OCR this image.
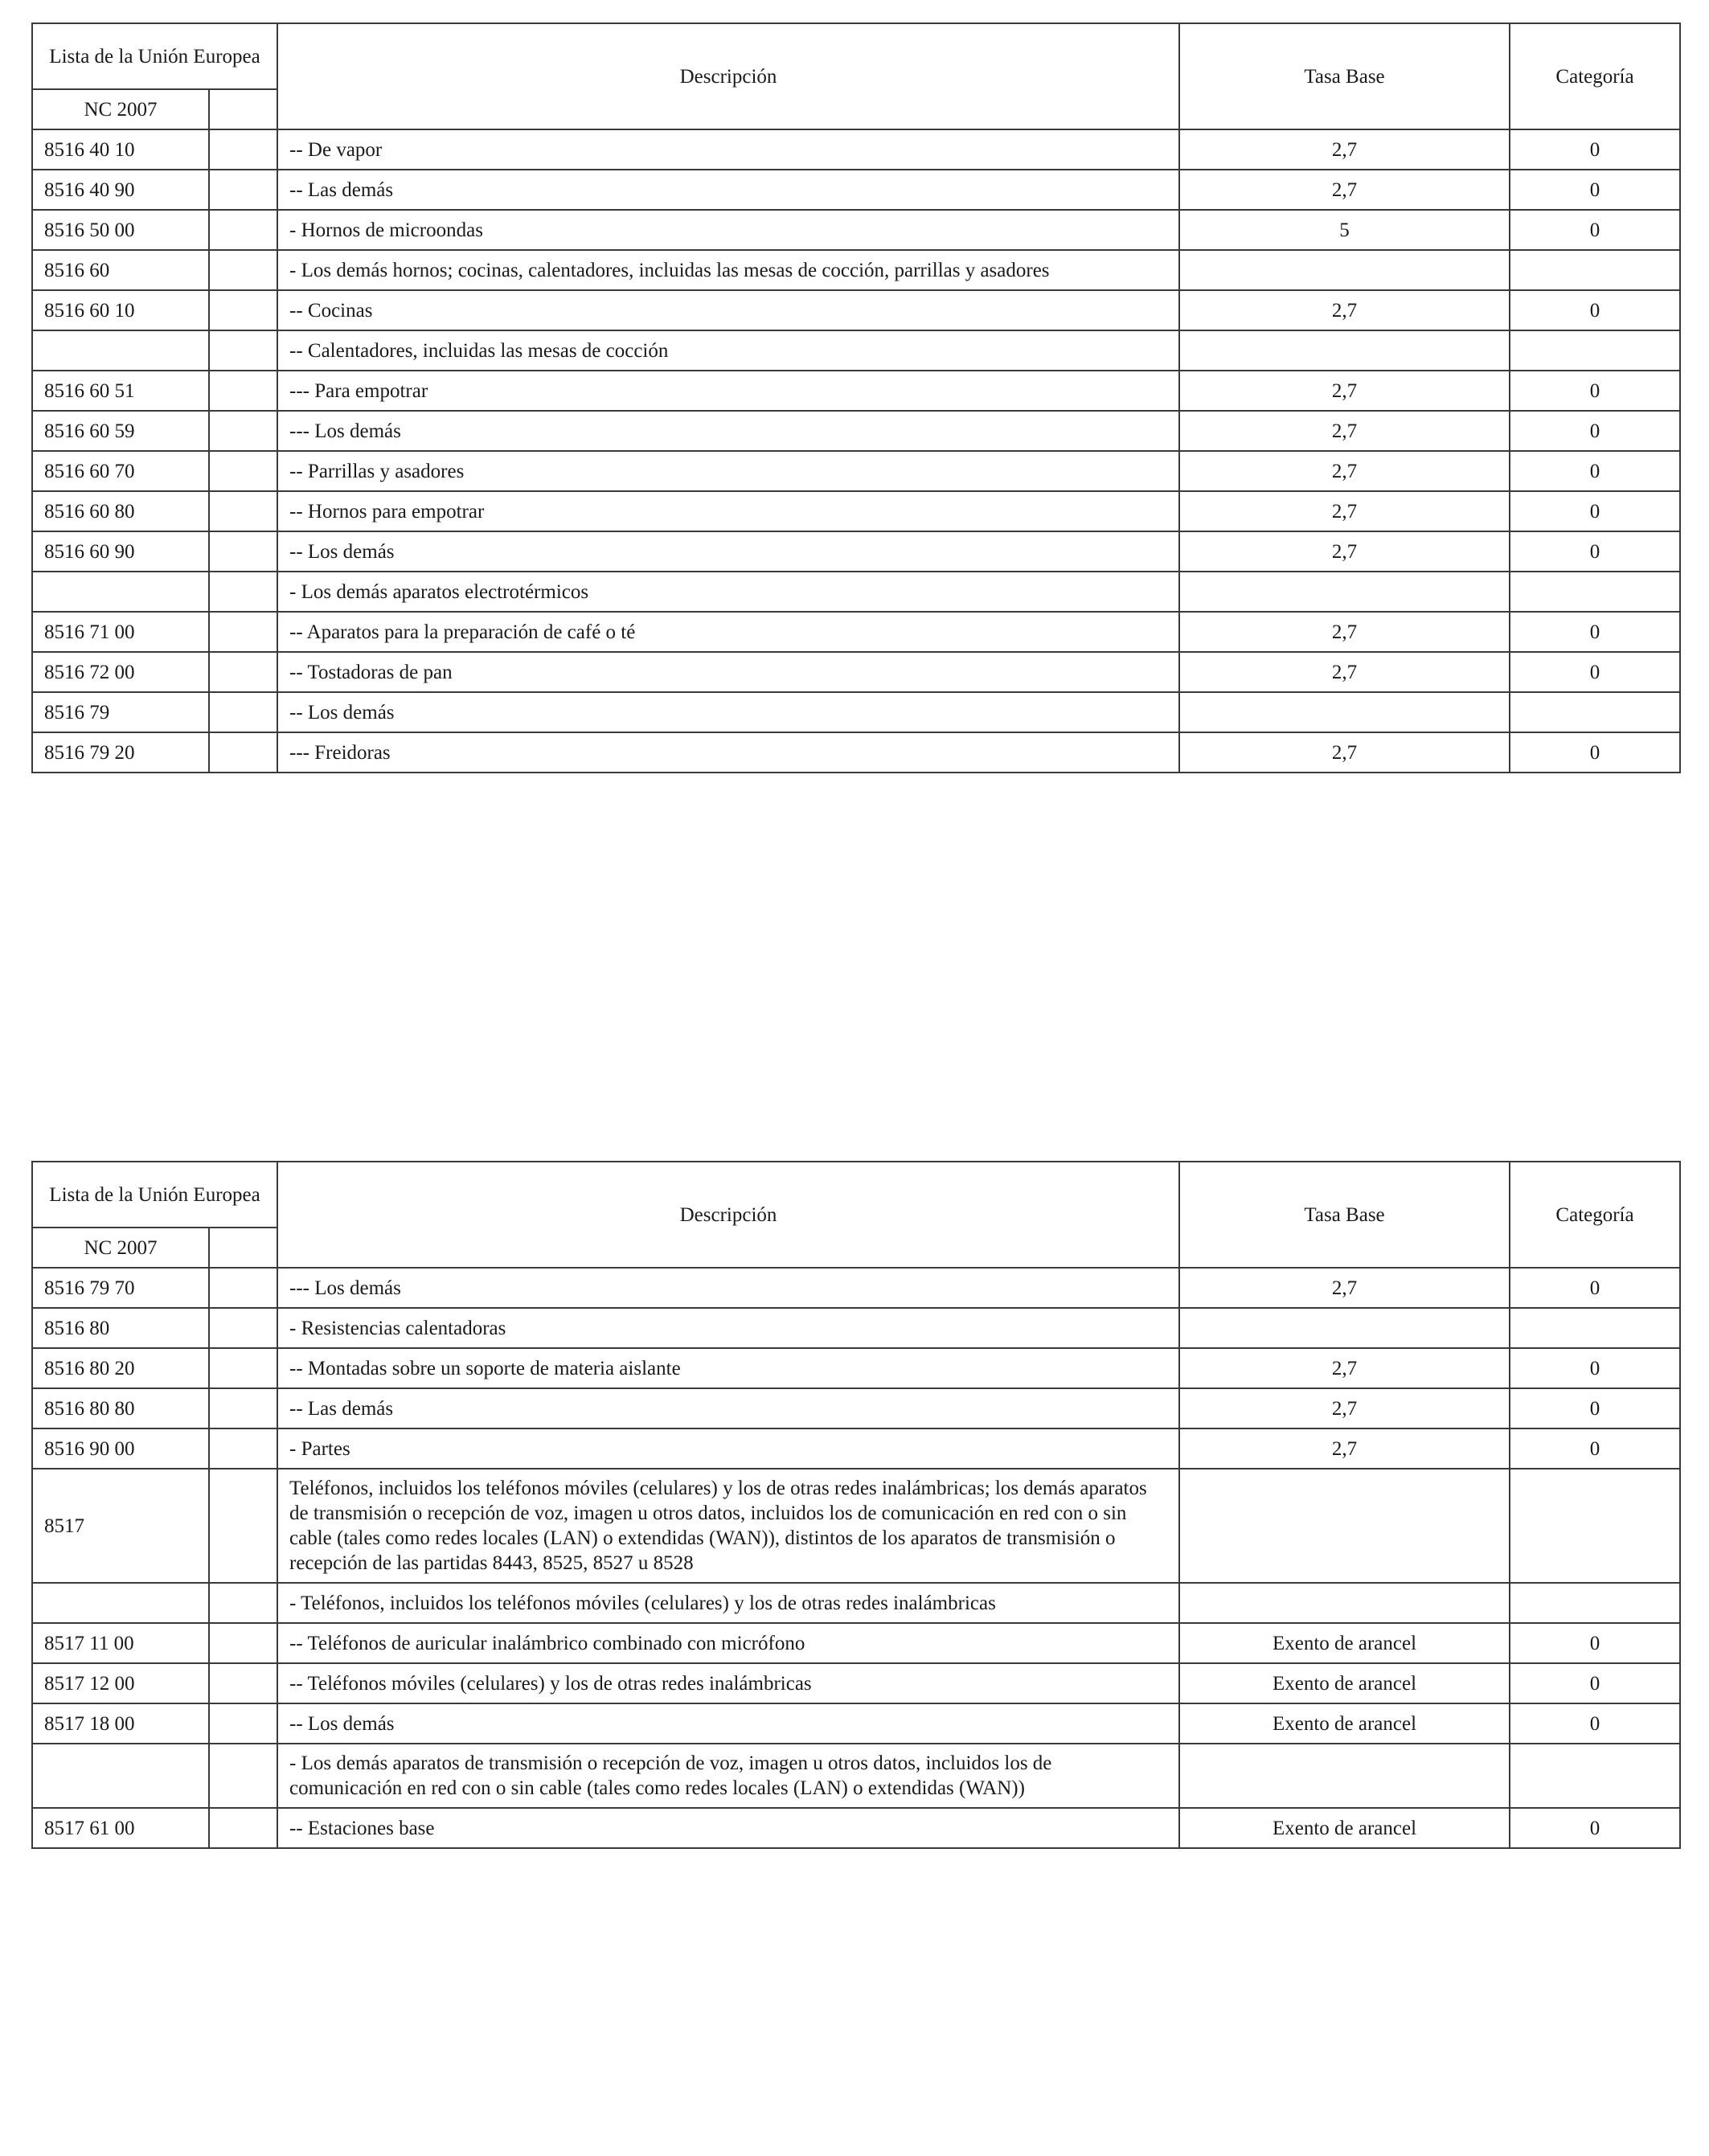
Lista de la Unión Europea		Descripción	Tasa Base	Categoría
NC 2007				
8516 40 10		-- De vapor	2,7	0
8516 40 90		-- Las demás	2,7	0
8516 50 00		- Hornos de microondas	5	0
8516 60		- Los demás hornos; cocinas, calentadores, incluidas las mesas de cocción, parrillas y asadores		
8516 60 10		-- Cocinas	2,7	0
		-- Calentadores, incluidas las mesas de cocción		
8516 60 51		--- Para empotrar	2,7	0
8516 60 59		--- Los demás	2,7	0
8516 60 70		-- Parrillas y asadores	2,7	0
8516 60 80		-- Hornos para empotrar	2,7	0
8516 60 90		-- Los demás	2,7	0
		- Los demás aparatos electrotérmicos		
8516 71 00		-- Aparatos para la preparación de café o té	2,7	0
8516 72 00		-- Tostadoras de pan	2,7	0
8516 79		-- Los demás		
8516 79 20		--- Freidoras	2,7	0
Lista de la Unión Europea		Descripción	Tasa Base	Categoría
NC 2007				
8516 79 70		--- Los demás	2,7	0
8516 80		- Resistencias calentadoras		
8516 80 20		-- Montadas sobre un soporte de materia aislante	2,7	0
8516 80 80		-- Las demás	2,7	0
8516 90 00		- Partes	2,7	0
8517		Teléfonos, incluidos los teléfonos móviles (celulares) y los de otras redes inalámbricas; los demás aparatos de transmisión o recepción de voz, imagen u otros datos, incluidos los de comunicación en red con o sin cable (tales como redes locales (LAN) o extendidas (WAN)), distintos de los aparatos de transmisión o recepción de las partidas 8443, 8525, 8527 u 8528		
		- Teléfonos, incluidos los teléfonos móviles (celulares) y los de otras redes inalámbricas		
8517 11 00		-- Teléfonos de auricular inalámbrico combinado con micrófono	Exento de arancel	0
8517 12 00		-- Teléfonos móviles (celulares) y los de otras redes inalámbricas	Exento de arancel	0
8517 18 00		-- Los demás	Exento de arancel	0
		- Los demás aparatos de transmisión o recepción de voz, imagen u otros datos, incluidos los de comunicación en red con o sin cable (tales como redes locales (LAN) o extendidas (WAN))		
8517 61 00		-- Estaciones base	Exento de arancel	0
